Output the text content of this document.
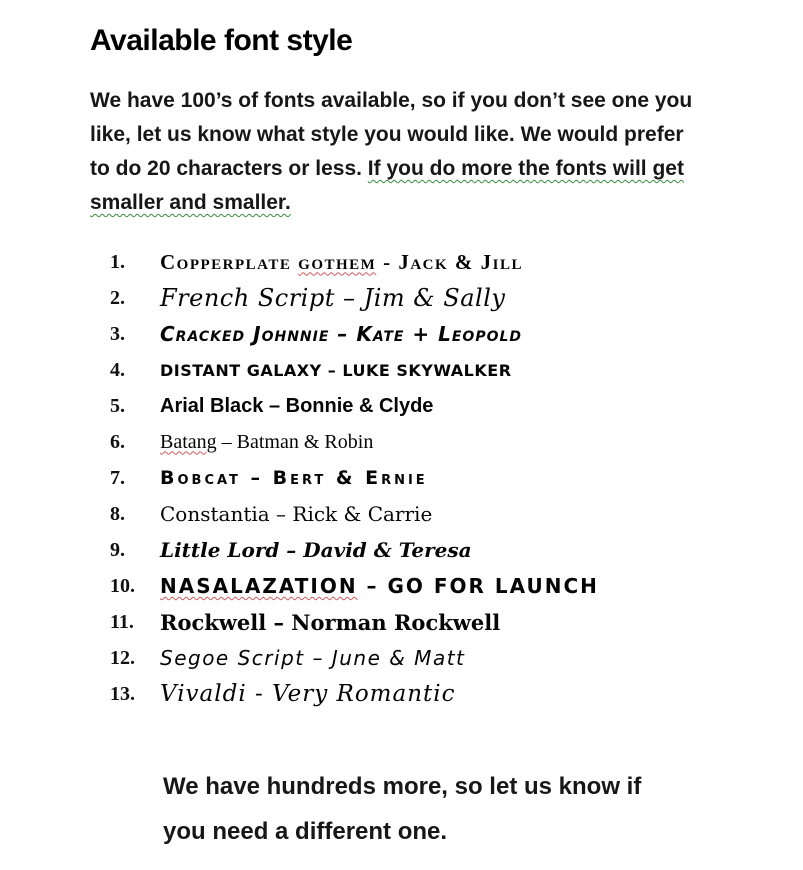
Available font style

We have 100’s of fonts available, so if you don’t see one you like, let us know what style you would like. We would prefer to do 20 characters or less. If you do more the fonts will get smaller and smaller.

1.	Copperplate gothem - Jack & Jill
2.	French Script – Jim & Sally
3.	Cracked Johnnie – Kate + Leopold
4.	DISTANT GALAXY – LUKE SKYWALKER
5.	Arial Black – Bonnie & Clyde
6.	Batang – Batman & Robin
7.	Bobcat – Bert & Ernie
8.	Constantia – Rick & Carrie
9.	Little Lord – David & Teresa
10.	NASALAZATION – GO FOR LAUNCH
11.	Rockwell – Norman Rockwell
12.	Segoe Script – June & Matt
13.	Vivaldi - Very Romantic

We have hundreds more, so let us know if you need a different one.
